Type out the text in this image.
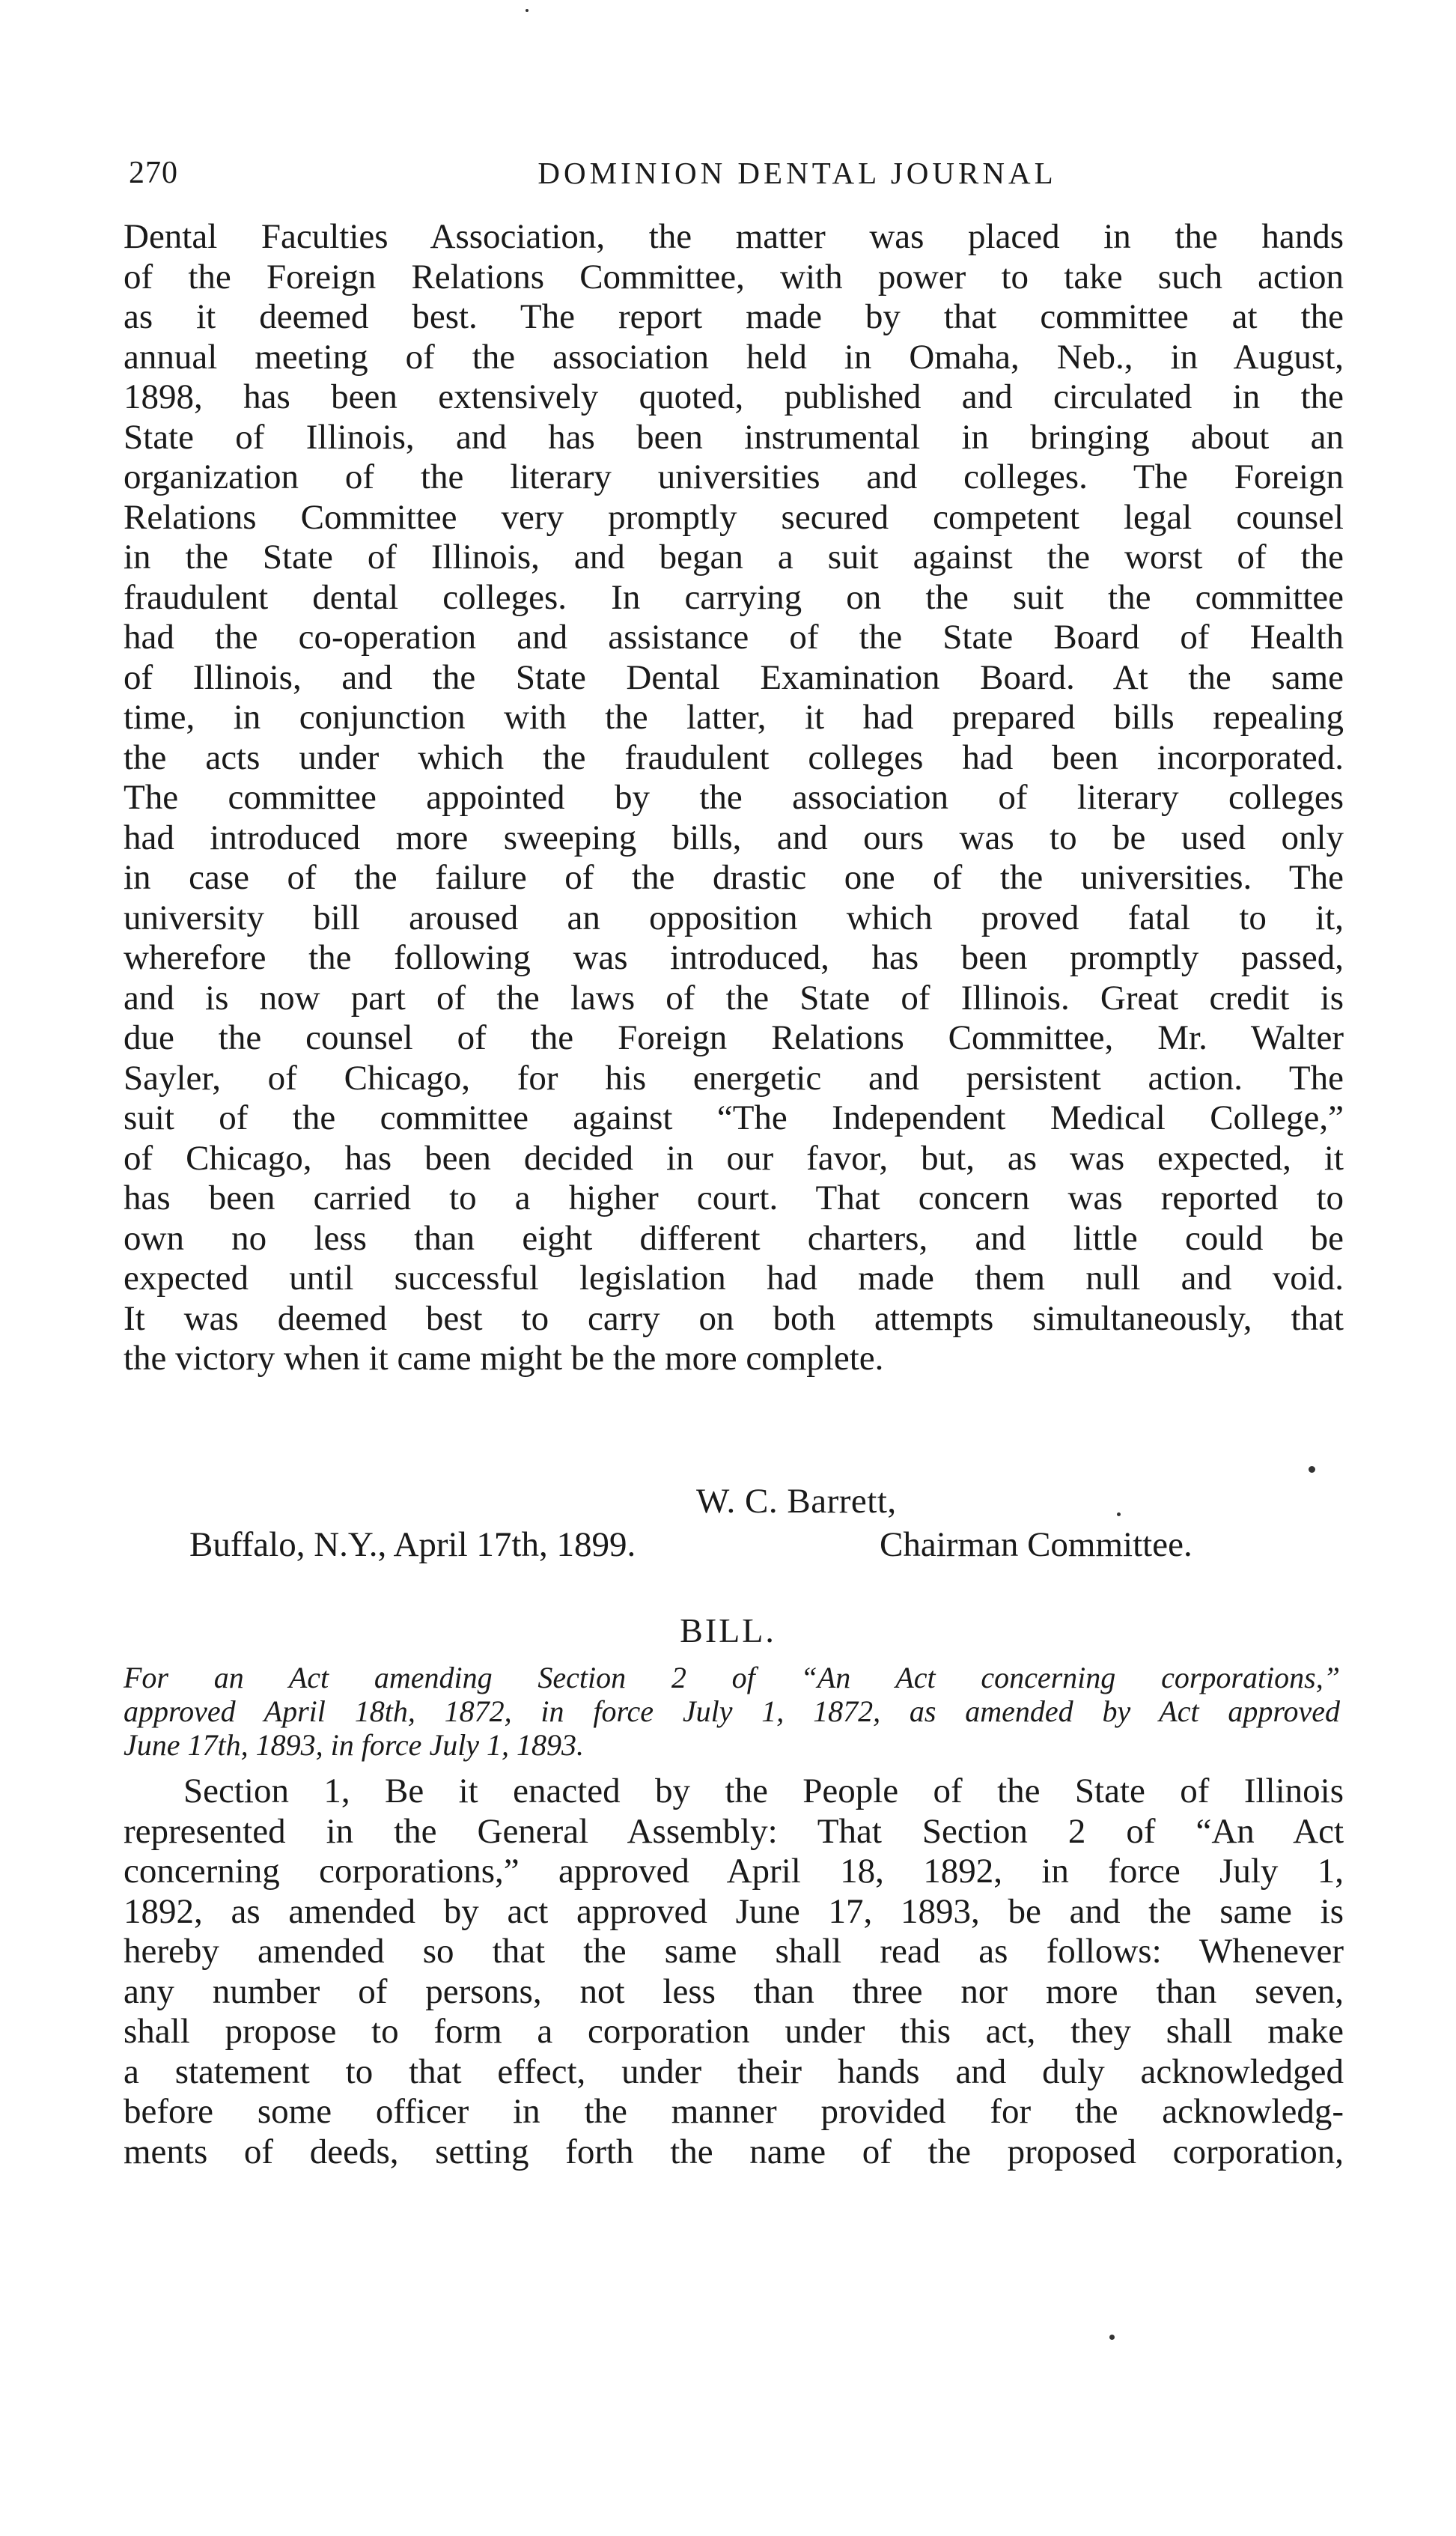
270	DOMINION DENTAL JOURNAL
Dental Faculties Association, the matter was placed in the hands
of the Foreign Relations Committee, with power to take such action
as it deemed best. The report made by that committee at the
annual meeting of the association held in Omaha, Neb., in August,
1898, has been extensively quoted, published and circulated in the
State of Illinois, and has been instrumental in bringing about an
organization of the literary universities and colleges. The Foreign
Relations Committee very promptly secured competent legal counsel
in the State of Illinois, and began a suit against the worst of the
fraudulent dental colleges. In carrying on the suit the committee
had the co-operation and assistance of the State Board of Health
of Illinois, and the State Dental Examination Board. At the same
time, in conjunction with the latter, it had prepared bills repealing
the acts under which the fraudulent colleges had been incorporated.
The committee appointed by the association of literary colleges
had introduced more sweeping bills, and ours was to be used only
in case of the failure of the drastic one of the universities. The
university bill aroused an opposition which proved fatal to it,
wherefore the following was introduced, has been promptly passed,
and is now part of the laws of the State of Illinois. Great credit is
due the counsel of the Foreign Relations Committee, Mr. Walter
Sayler, of Chicago, for his energetic and persistent action. The
suit of the committee against “The Independent Medical College,”
of Chicago, has been decided in our favor, but, as was expected, it
has been carried to a higher court. That concern was reported to
own no less than eight different charters, and little could be
expected until successful legislation had made them null and void.
It was deemed best to carry on both attempts simultaneously, that
the victory when it came might be the more complete.
W. C. Barrett,
Buffalo, N.Y., April 17th, 1899.	Chairman Committee.
BILL.
For an Act amending Section 2 of “An Act concerning corporations,”
approved April 18th, 1872, in force July 1, 1872, as amended by Act approved
June 17th, 1893, in force July 1, 1893.
Section 1, Be it enacted by the People of the State of Illinois
represented in the General Assembly: That Section 2 of “An Act
concerning corporations,” approved April 18, 1892, in force July 1,
1892, as amended by act approved June 17, 1893, be and the same is
hereby amended so that the same shall read as follows: Whenever
any number of persons, not less than three nor more than seven,
shall propose to form a corporation under this act, they shall make
a statement to that effect, under their hands and duly acknowledged
before some officer in the manner provided for the acknowledg-
ments of deeds, setting forth the name of the proposed corporation,
